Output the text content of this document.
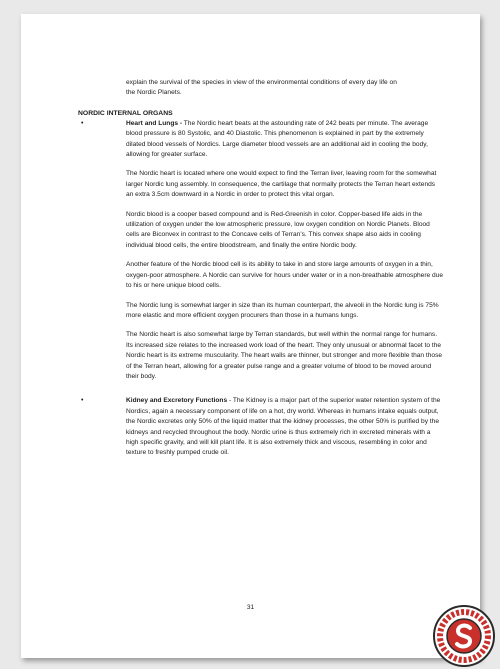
explain the survival of the species in view of the environmental conditions of every day life on

the Nordic Planets.

NORDIC INTERNAL ORGANS

•	Heart and Lungs - The Nordic heart beats at the astounding rate of 242 beats per minute. The average blood pressure is 80 Systolic, and 40 Diastolic. This phenomenon is explained in part by the extremely dilated blood vessels of Nordics. Large diameter blood vessels are an additional aid in cooling the body, allowing for greater surface.

The Nordic heart is located where one would expect to find the Terran liver, leaving room for the somewhat larger Nordic lung assembly. In consequence, the cartilage that normally protects the Terran heart extends an extra 3.5cm downward in a Nordic in order to protect this vital organ.

Nordic blood is a cooper based compound and is Red-Greenish in color. Copper-based life aids in the utilization of oxygen under the low atmospheric pressure, low oxygen condition on Nordic Planets. Blood cells are Biconvex in contrast to the Concave cells of Terran's. This convex shape also aids in cooling individual blood cells, the entire bloodstream, and finally the entire Nordic body.

Another feature of the Nordic blood cell is its ability to take in and store large amounts of oxygen in a thin, oxygen-poor atmosphere. A Nordic can survive for hours under water or in a non-breathable atmosphere due to his or here unique blood cells.

The Nordic lung is somewhat larger in size than its human counterpart, the alveoli in the Nordic lung is 75% more elastic and more efficient oxygen procurers than those in a humans lungs.

The Nordic heart is also somewhat large by Terran standards, but well within the normal range for humans. Its increased size relates to the increased work load of the heart. They only unusual or abnormal facet to the Nordic heart is its extreme muscularity. The heart walls are thinner, but stronger and more flexible than those of the Terran heart, allowing for a greater pulse range and a greater volume of blood to be moved around their body.

•	Kidney and Excretory Functions - The Kidney is a major part of the superior water retention system of the Nordics, again a necessary component of life on a hot, dry world. Whereas in humans intake equals output, the Nordic excretes only 50% of the liquid matter that the kidney processes, the other 50% is purified by the kidneys and recycled throughout the body. Nordic urine is thus extremely rich in excreted minerals with a high specific gravity, and will kill plant life. It is also extremely thick and viscous, resembling in color and texture to freshly pumped crude oil.

31
